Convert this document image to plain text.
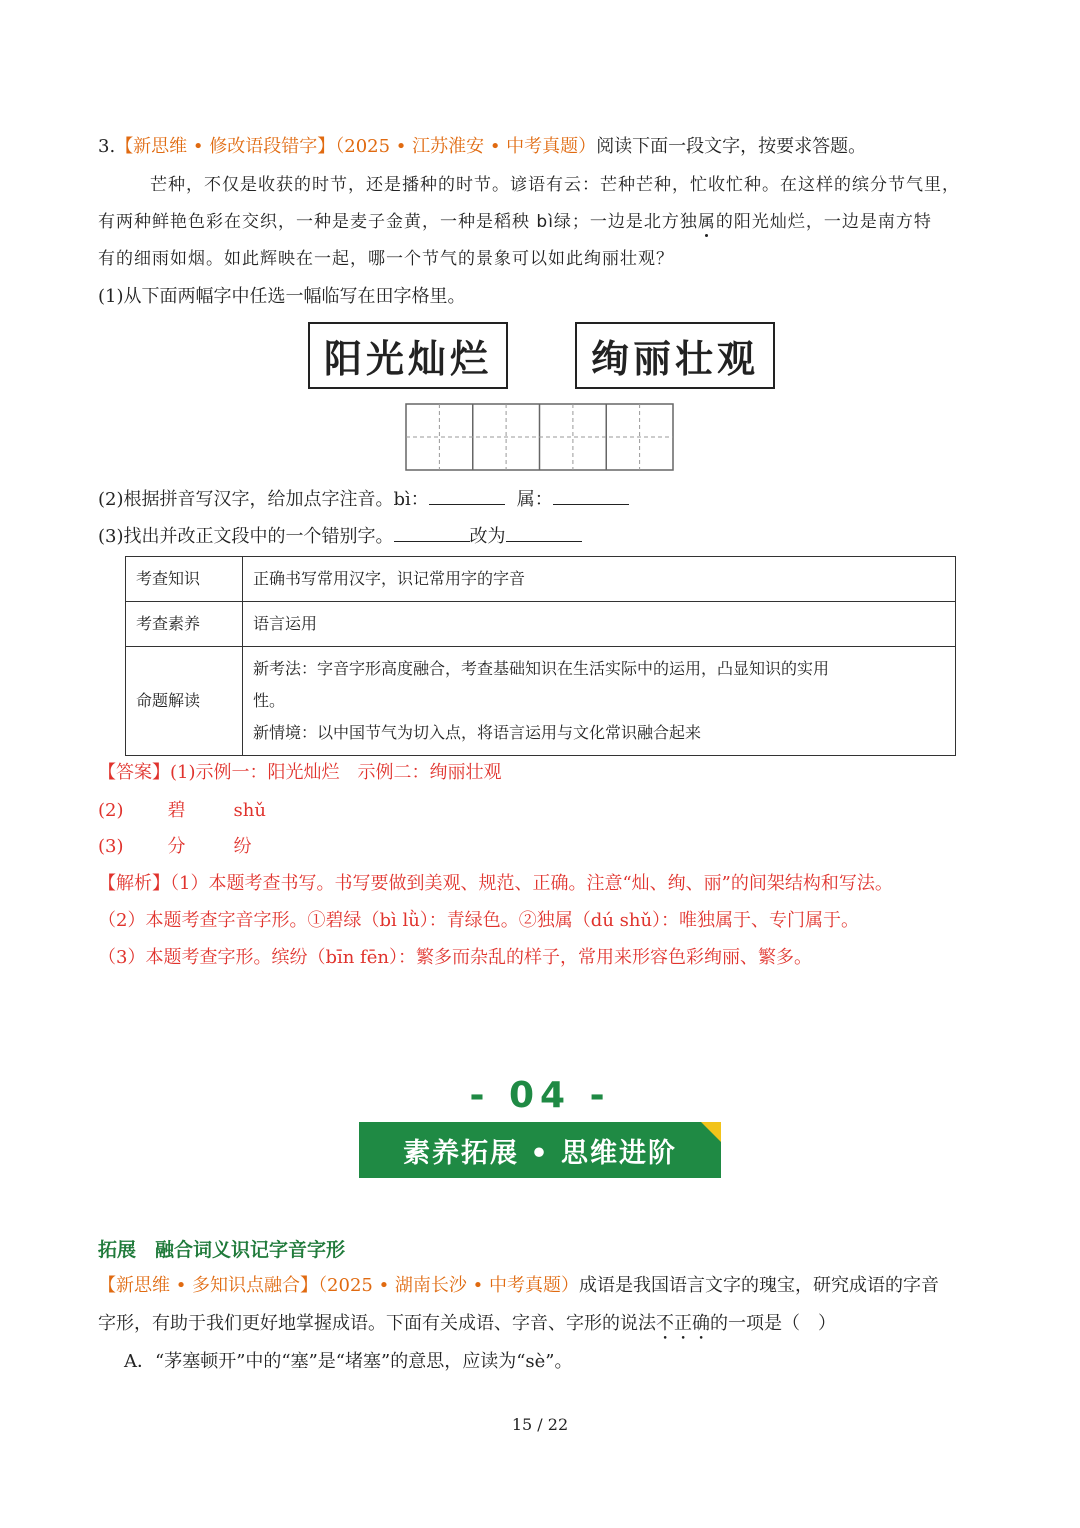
3.【新思维 • 修改语段错字】（2025 • 江苏淮安 • 中考真题）阅读下面一段文字，按要求答题。
芒种，不仅是收获的时节，还是播种的时节。谚语有云：芒种芒种，忙收忙种。在这样的缤分节气里，
有两种鲜艳色彩在交织，一种是麦子金黄，一种是稻秧 bì绿；一边是北方独属的阳光灿烂，一边是南方特
有的细雨如烟。如此辉映在一起，哪一个节气的景象可以如此绚丽壮观？
(1)从下面两幅字中任选一幅临写在田字格里。
阳光灿烂	绚丽壮观
(2)根据拼音写汉字，给加点字注音。bì：	属：
(3)找出并改正文段中的一个错别字。	改为
考查知识	正确书写常用汉字，识记常用字的字音
考查素养	语言运用
命题解读	新考法：字音字形高度融合，考查基础知识在生活实际中的运用，凸显知识的实用
性。
新情境：以中国节气为切入点，将语言运用与文化常识融合起来
【答案】(1)示例一：阳光灿烂　示例二：绚丽壮观
(2) 碧	shǔ
(3) 分	纷
【解析】（1）本题考查书写。书写要做到美观、规范、正确。注意“灿、绚、丽”的间架结构和写法。
（2）本题考查字音字形。①碧绿（bì lǜ）：青绿色。②独属（dú shǔ）：唯独属于、专门属于。
（3）本题考查字形。缤纷（bīn fēn）：繁多而杂乱的样子，常用来形容色彩绚丽、繁多。
- 04 -
素养拓展 • 思维进阶
拓展　融合词义识记字音字形
【新思维 • 多知识点融合】（2025 • 湖南长沙 • 中考真题）成语是我国语言文字的瑰宝，研究成语的字音
字形，有助于我们更好地掌握成语。下面有关成语、字音、字形的说法不正确的一项是（　）
A．“茅塞顿开”中的“塞”是“堵塞”的意思，应读为“sè”。
15 / 22
